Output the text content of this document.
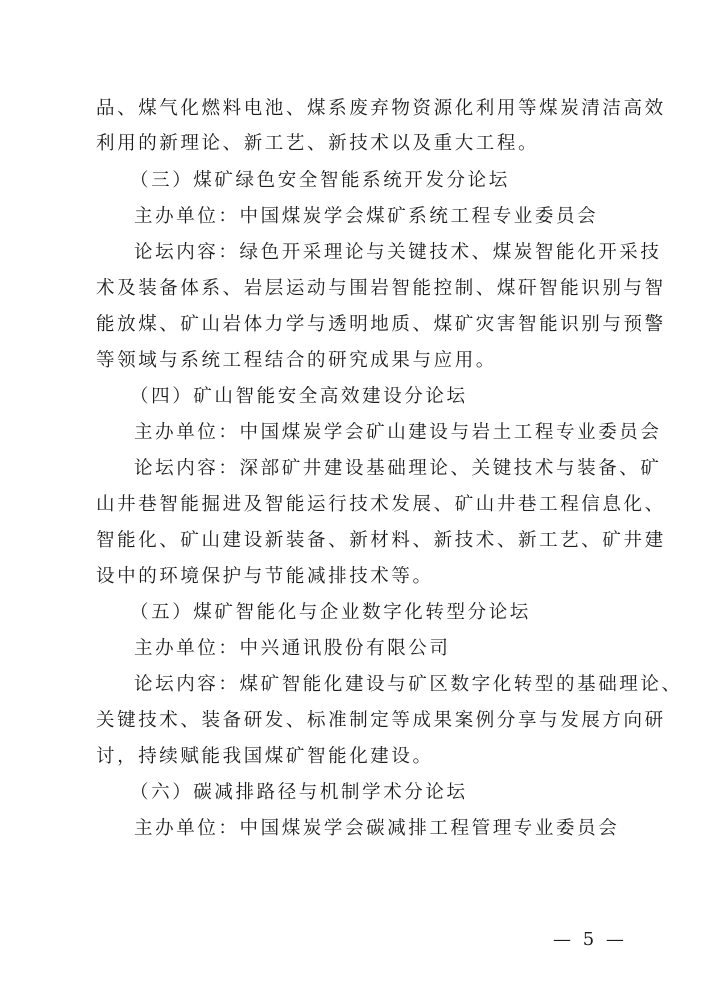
品、煤气化燃料电池、煤系废弃物资源化利用等煤炭清洁高效
利用的新理论、新工艺、新技术以及重大工程。
（三）煤矿绿色安全智能系统开发分论坛
主办单位：中国煤炭学会煤矿系统工程专业委员会
论坛内容：绿色开采理论与关键技术、煤炭智能化开采技
术及装备体系、岩层运动与围岩智能控制、煤矸智能识别与智
能放煤、矿山岩体力学与透明地质、煤矿灾害智能识别与预警
等领域与系统工程结合的研究成果与应用。
（四）矿山智能安全高效建设分论坛
主办单位：中国煤炭学会矿山建设与岩土工程专业委员会
论坛内容：深部矿井建设基础理论、关键技术与装备、矿
山井巷智能掘进及智能运行技术发展、矿山井巷工程信息化、
智能化、矿山建设新装备、新材料、新技术、新工艺、矿井建
设中的环境保护与节能减排技术等。
（五）煤矿智能化与企业数字化转型分论坛
主办单位：中兴通讯股份有限公司
论坛内容：煤矿智能化建设与矿区数字化转型的基础理论、
关键技术、装备研发、标准制定等成果案例分享与发展方向研
讨，持续赋能我国煤矿智能化建设。
（六）碳减排路径与机制学术分论坛
主办单位：中国煤炭学会碳减排工程管理专业委员会
— 5 —
